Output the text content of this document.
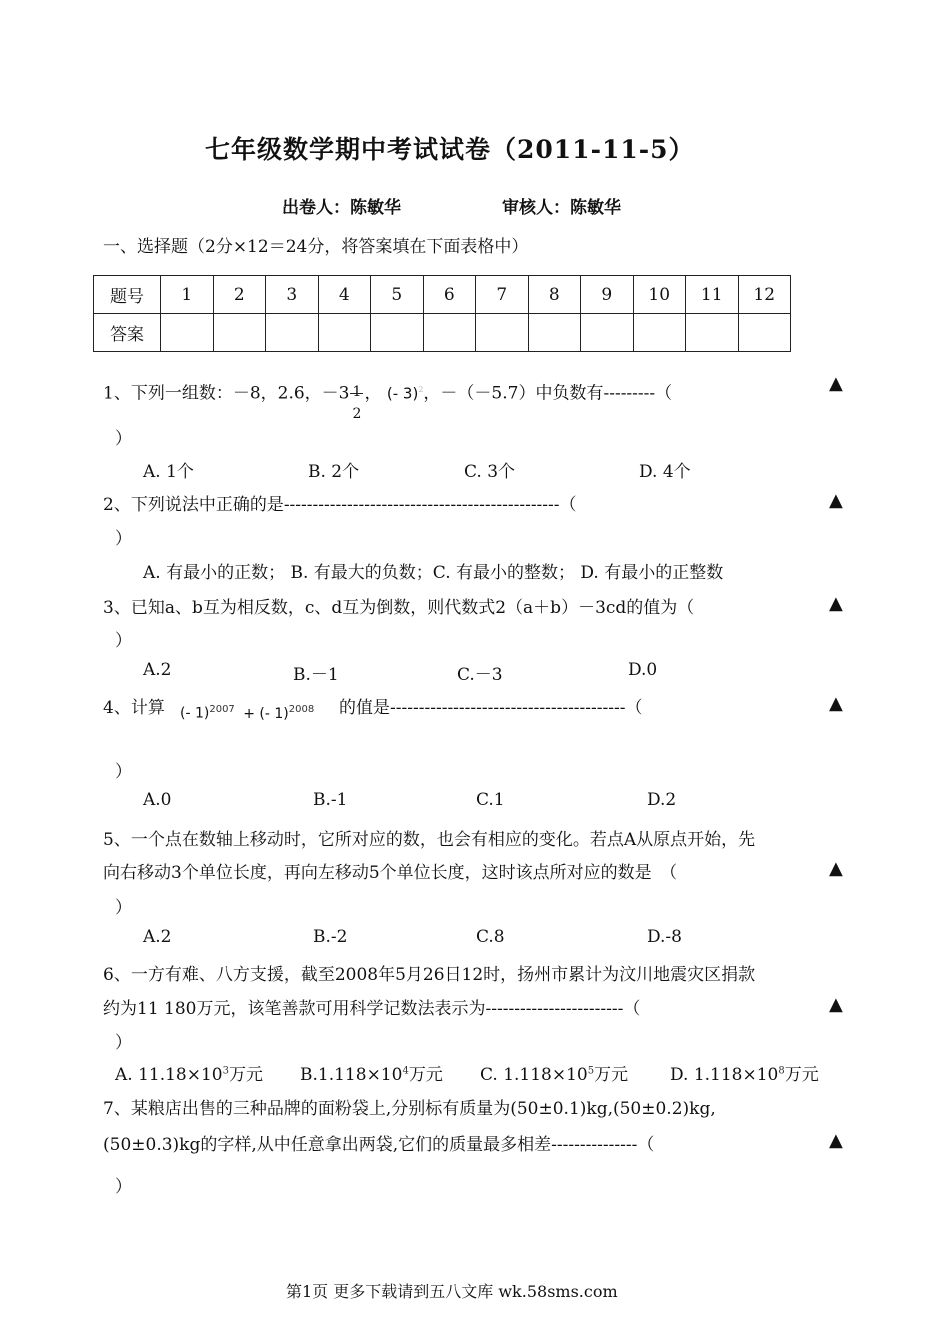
七年级数学期中考试试卷（2011-11-5）
出卷人：陈敏华	审核人：陈敏华
一、选择题（2分×12＝24分，将答案填在下面表格中）
题号	1	2	3	4	5	6	7	8	9	10	11	12
答案												
1、下列一组数：－8，2.6，－3 1
2
， (- 3)$^2$，－（－5.7）中负数有---------（	▲
）
A. 1个	B. 2个	C. 3个	D. 4个
2、下列说法中正确的是------------------------------------------------（	▲
）
A. 有最小的正数； B. 有最大的负数；C. 有最小的整数； D. 有最小的正整数
3、已知a、b互为相反数，c、d互为倒数，则代数式2（a＋b）－3cd的值为（	▲
）
A.2	B.－1	C.－3	D.0
4、计算 (- 1)$^{2007}$ + (- 1)$^{2008}$ 的值是-----------------------------------------（	▲
）
A.0	B.-1	C.1	D.2
5、一个点在数轴上移动时，它所对应的数，也会有相应的变化。若点A从原点开始，先
向右移动3个单位长度，再向左移动5个单位长度，这时该点所对应的数是　（	▲
）
A.2	B.-2	C.8	D.-8
6、一方有难、八方支援，截至2008年5月26日12时，扬州市累计为汶川地震灾区捐款
约为11 180万元，该笔善款可用科学记数法表示为------------------------（	▲
）
A. $11.18\times 10^3$万元 $B.1.118\times 10^4$万元 C. $1.118\times 10^5$万元 D. $1.118\times 10^8$万元
7、某粮店出售的三种品牌的面粉袋上,分别标有质量为(50±0.1)kg,(50±0.2)kg,
(50±0.3)kg的字样,从中任意拿出两袋,它们的质量最多相差---------------（	▲
）
第1页 更多下载请到五八文库 wk.58sms.com
